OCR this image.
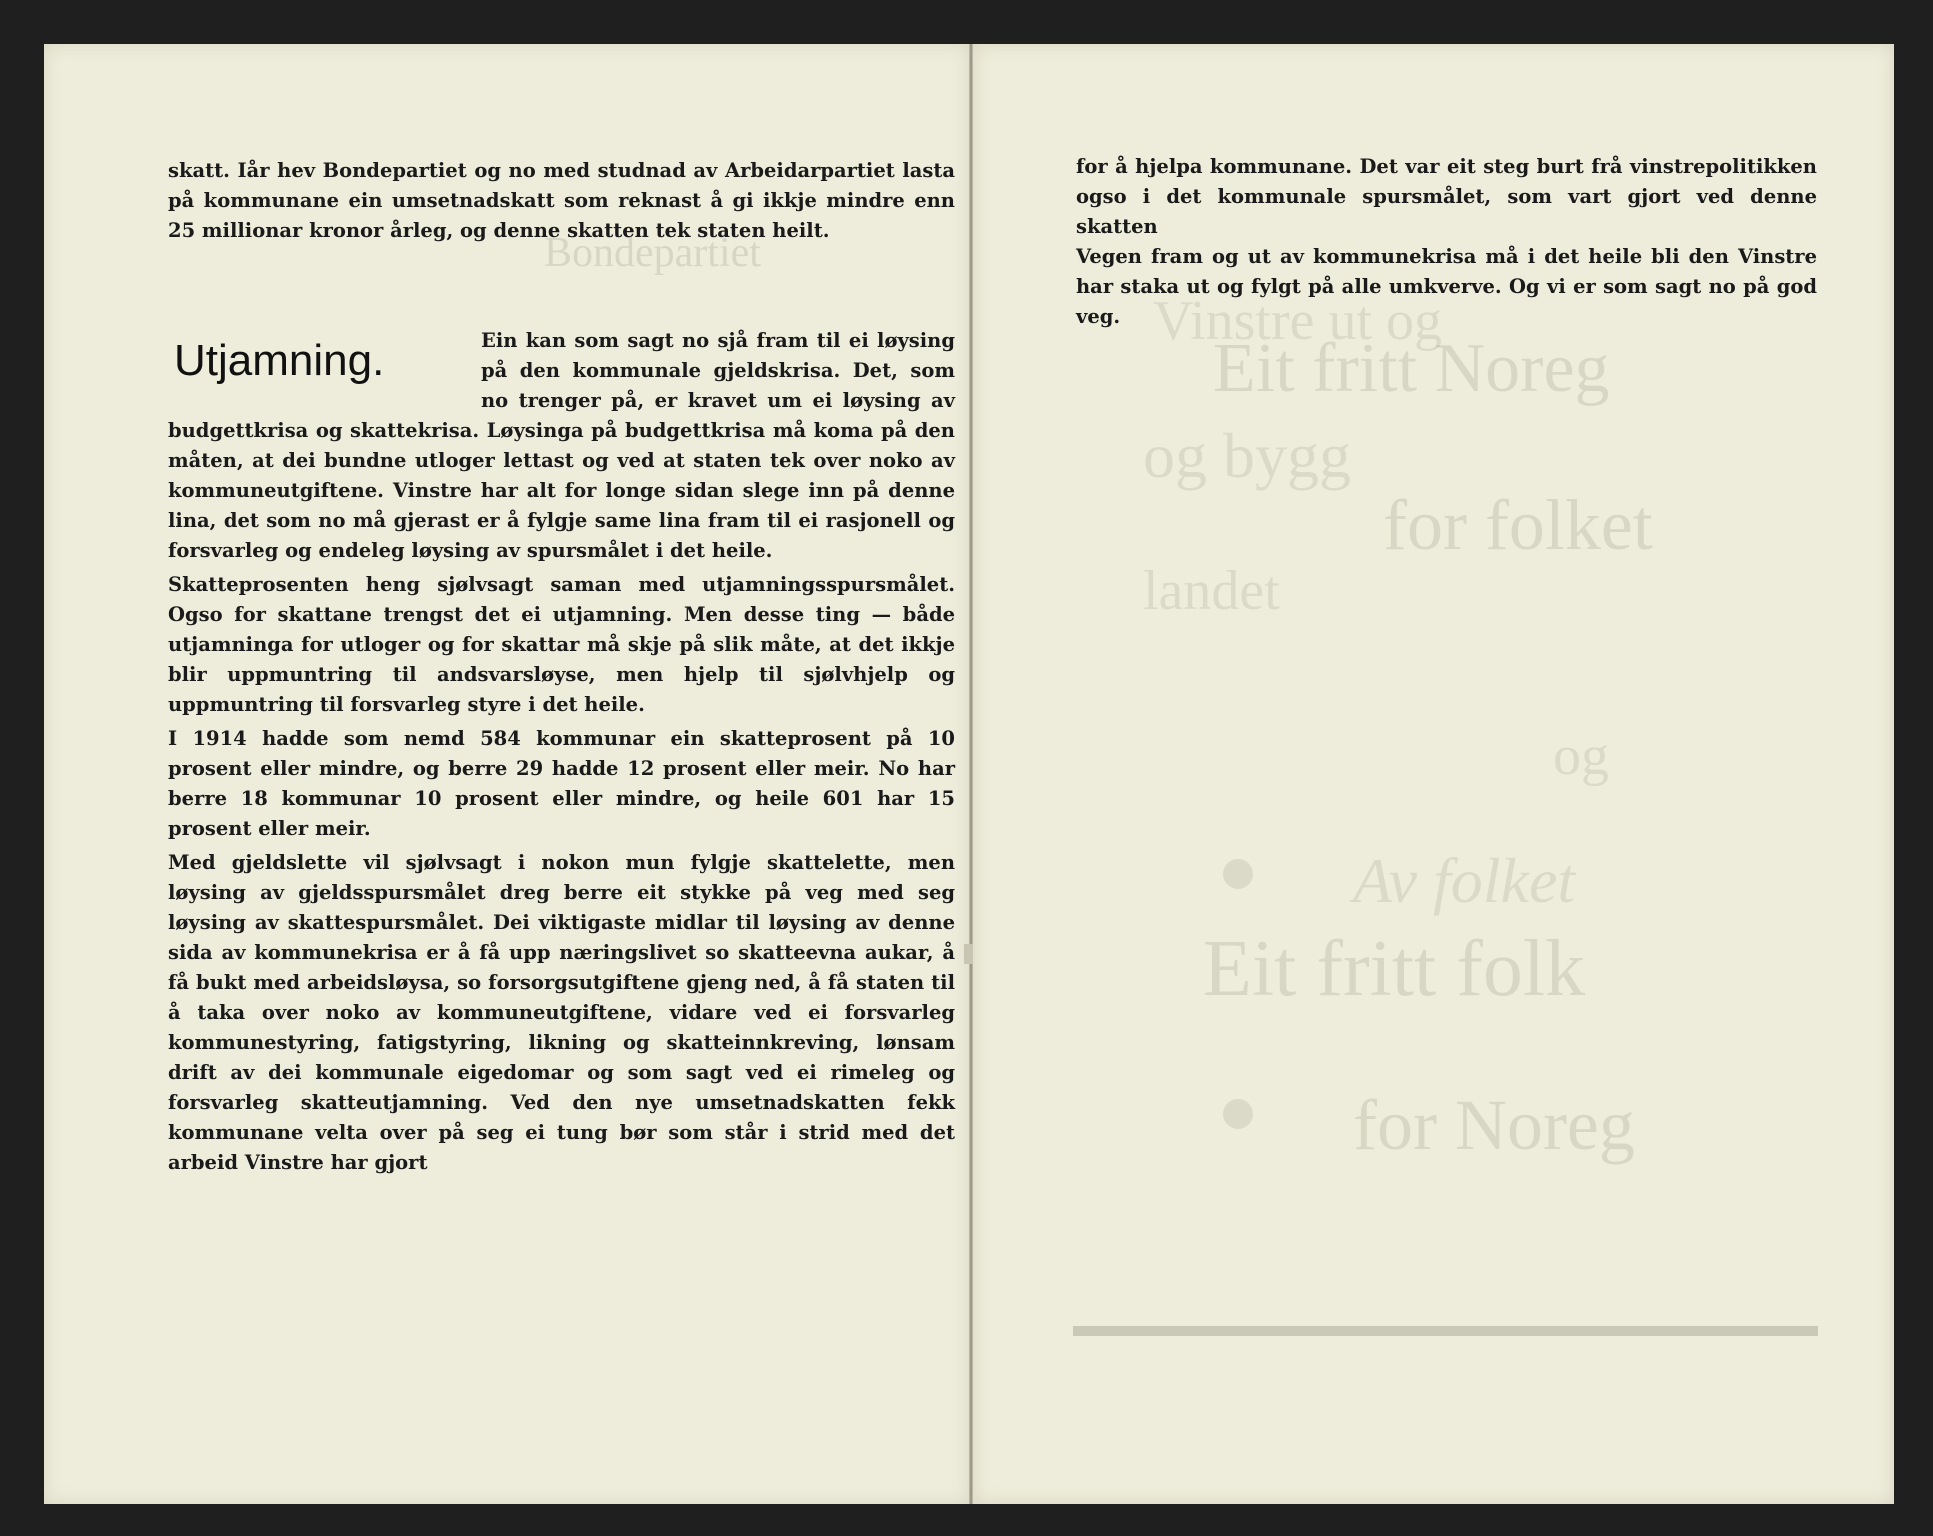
Bondepartiet

skatt. Iår hev Bondepartiet og no med studnad av Arbeidarpartiet lasta på kommunane ein umsetnadskatt som reknast å gi ikkje mindre enn 25 millionar kronor årleg, og denne skatten tek staten heilt.

Utjamning.	Ein kan som sagt no sjå fram til ei løysing på den kommunale gjeldskrisa. Det, som no trenger på, er kravet um ei løysing av budgettkrisa og skattekrisa. Løysinga på budgettkrisa må koma på den måten, at dei bundne utloger lettast og ved at staten tek over noko av kommuneutgiftene. Vinstre har alt for longe sidan slege inn på denne lina, det som no må gjerast er å fylgje same lina fram til ei rasjonell og forsvarleg og endeleg løysing av spursmålet i det heile.

Skatteprosenten heng sjølvsagt saman med utjamningsspursmålet. Ogso for skattane trengst det ei utjamning. Men desse ting — både utjamninga for utloger og for skattar må skje på slik måte, at det ikkje blir uppmuntring til andsvarsløyse, men hjelp til sjølvhjelp og uppmuntring til forsvarleg styre i det heile.

I 1914 hadde som nemd 584 kommunar ein skatteprosent på 10 prosent eller mindre, og berre 29 hadde 12 prosent eller meir. No har berre 18 kommunar 10 prosent eller mindre, og heile 601 har 15 prosent eller meir.

Med gjeldslette vil sjølvsagt i nokon mun fylgje skattelette, men løysing av gjeldsspursmålet dreg berre eit stykke på veg med seg løysing av skattespursmålet. Dei viktigaste midlar til løysing av denne sida av kommunekrisa er å få upp næringslivet so skatteevna aukar, å få bukt med arbeidsløysa, so forsorgsutgiftene gjeng ned, å få staten til å taka over noko av kommuneutgiftene, vidare ved ei forsvarleg kommunestyring, fatigstyring, likning og skatteinnkreving, lønsam drift av dei kommunale eigedomar og som sagt ved ei rimeleg og forsvarleg skatteutjamning. Ved den nye umsetnadskatten fekk kommunane velta over på seg ei tung bør som står i strid med det arbeid Vinstre har gjort

Vinstre ut og

Eit fritt Noreg

og bygg

for folket

landet

og

Av folket

Eit fritt folk

for Noreg

for å hjelpa kommunane. Det var eit steg burt frå vinstrepolitikken ogso i det kommunale spursmålet, som vart gjort ved denne skatten

Vegen fram og ut av kommunekrisa må i det heile bli den Vinstre har staka ut og fylgt på alle umkverve. Og vi er som sagt no på god veg.
